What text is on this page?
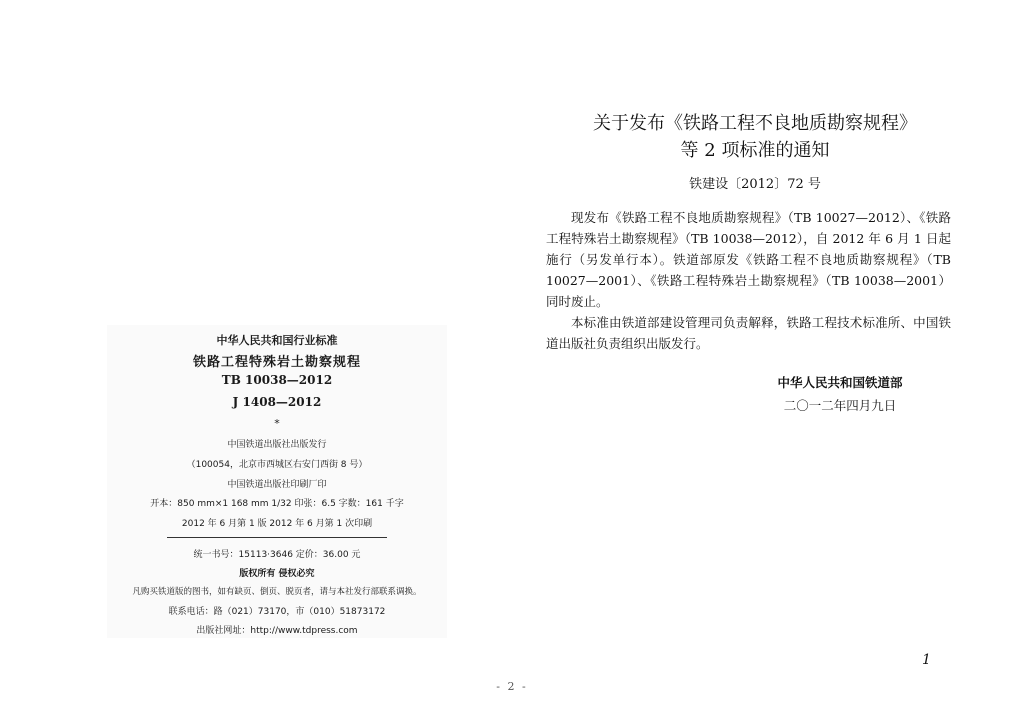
中华人民共和国行业标准
铁路工程特殊岩土勘察规程
TB 10038—2012
J 1408—2012
*
中国铁道出版社出版发行
（100054，北京市西城区右安门西街 8 号）
中国铁道出版社印刷厂印
开本：850 mm×1 168 mm 1/32 印张：6.5 字数：161 千字
2012 年 6 月第 1 版 2012 年 6 月第 1 次印刷
统一书号：15113·3646 定价：36.00 元
版权所有 侵权必究
凡购买铁道版的图书，如有缺页、倒页、脱页者，请与本社发行部联系调换。
联系电话：路（021）73170，市（010）51873172
出版社网址：http://www.tdpress.com
关于发布《铁路工程不良地质勘察规程》
等 2 项标准的通知
铁建设〔2012〕72 号

现发布《铁路工程不良地质勘察规程》（TB 10027—2012）、《铁路工程特殊岩土勘察规程》（TB 10038—2012），自 2012 年 6 月 1 日起施行（另发单行本）。铁道部原发《铁路工程不良地质勘察规程》（TB 10027—2001）、《铁路工程特殊岩土勘察规程》（TB 10038—2001）同时废止。

本标准由铁道部建设管理司负责解释，铁路工程技术标准所、中国铁道出版社负责组织出版发行。

中华人民共和国铁道部
二〇一二年四月九日
1
- 2 -
